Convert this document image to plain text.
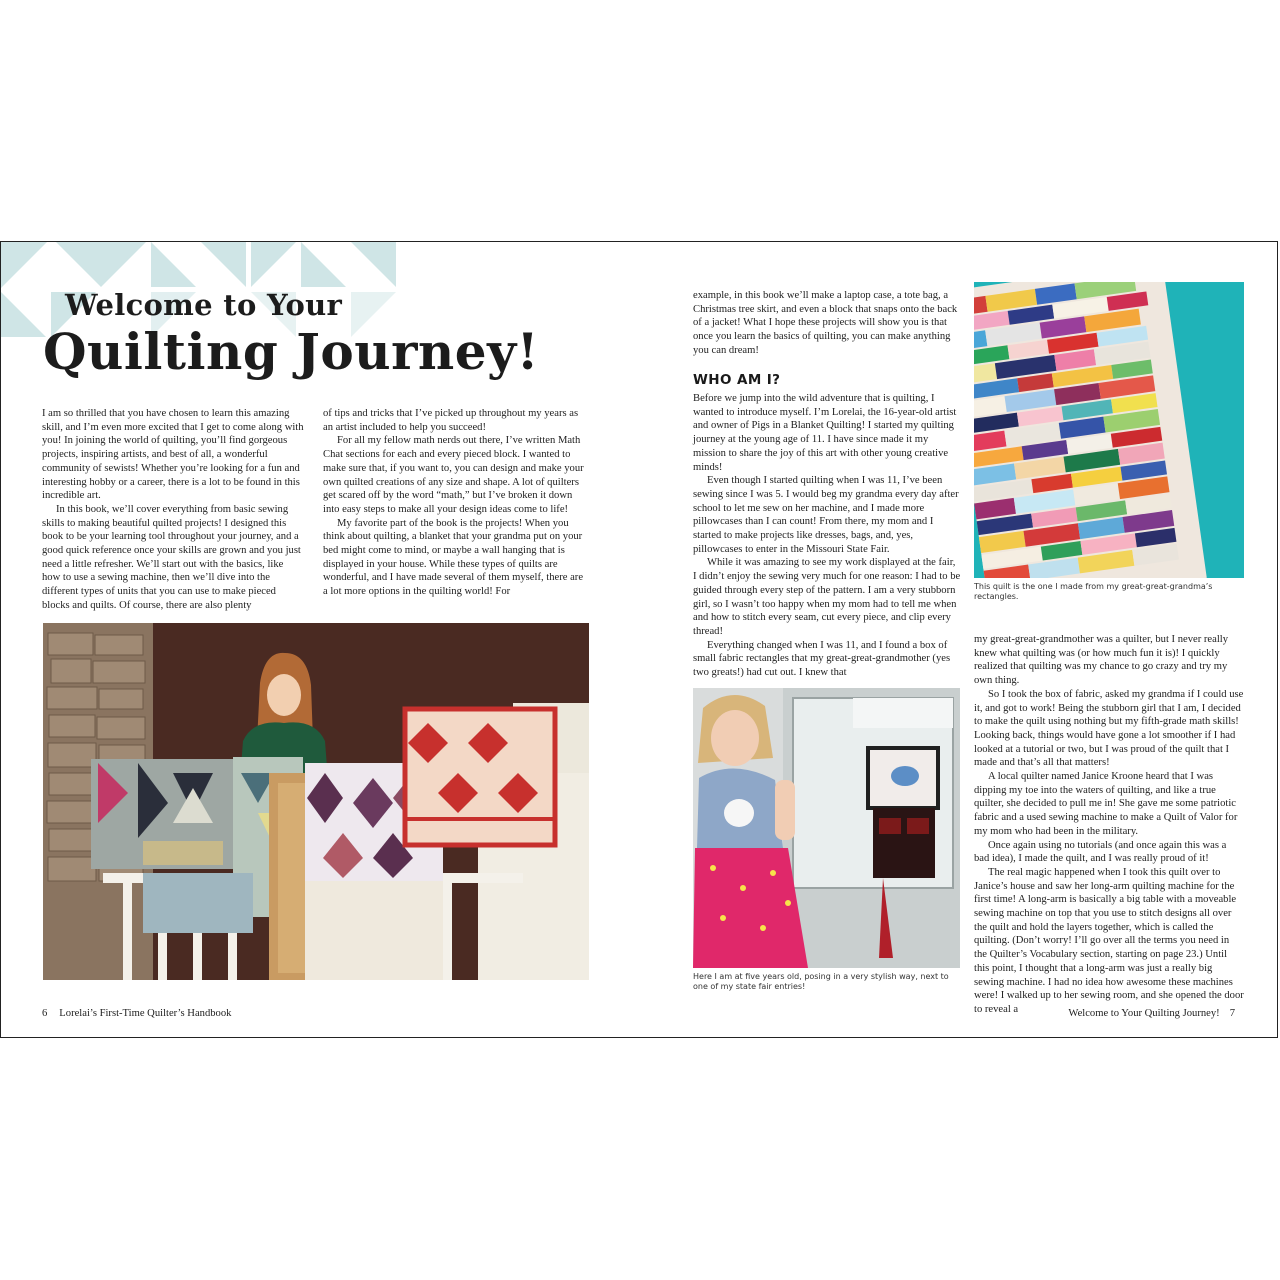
Welcome to Your
Quilting Journey!

I am so thrilled that you have chosen to learn this amazing skill, and I’m even more excited that I get to come along with you! In joining the world of quilting, you’ll find gorgeous projects, inspiring artists, and best of all, a wonderful community of sewists! Whether you’re looking for a fun and interesting hobby or a career, there is a lot to be found in this incredible art.

In this book, we’ll cover everything from basic sewing skills to making beautiful quilted projects! I designed this book to be your learning tool throughout your journey, and a good quick reference once your skills are grown and you just need a little refresher. We’ll start out with the basics, like how to use a sewing machine, then we’ll dive into the different types of units that you can use to make pieced blocks and quilts. Of course, there are also plenty

of tips and tricks that I’ve picked up throughout my years as an artist included to help you succeed!

For all my fellow math nerds out there, I’ve written Math Chat sections for each and every pieced block. I wanted to make sure that, if you want to, you can design and make your own quilted creations of any size and shape. A lot of quilters get scared off by the word “math,” but I’ve broken it down into easy steps to make all your design ideas come to life!

My favorite part of the book is the projects! When you think about quilting, a blanket that your grandma put on your bed might come to mind, or maybe a wall hanging that is displayed in your house. While these types of quilts are wonderful, and I have made several of them myself, there are a lot more options in the quilting world! For

example, in this book we’ll make a laptop case, a tote bag, a Christmas tree skirt, and even a block that snaps onto the back of a jacket! What I hope these projects will show you is that once you learn the basics of quilting, you can make anything you can dream!

WHO AM I?

Before we jump into the wild adventure that is quilting, I wanted to introduce myself. I’m Lorelai, the 16-year-old artist and owner of Pigs in a Blanket Quilting! I started my quilting journey at the young age of 11. I have since made it my mission to share the joy of this art with other young creative minds!

Even though I started quilting when I was 11, I’ve been sewing since I was 5. I would beg my grandma every day after school to let me sew on her machine, and I made more pillowcases than I can count! From there, my mom and I started to make projects like dresses, bags, and, yes, pillowcases to enter in the Missouri State Fair.

While it was amazing to see my work displayed at the fair, I didn’t enjoy the sewing very much for one reason: I had to be guided through every step of the pattern. I am a very stubborn girl, so I wasn’t too happy when my mom had to tell me when and how to stitch every seam, cut every piece, and clip every thread!

Everything changed when I was 11, and I found a box of small fabric rectangles that my great-great-grandmother (yes two greats!) had cut out. I knew that

Here I am at five years old, posing in a very stylish way, next to one of my state fair entries!
This quilt is the one I made from my great-great-grandma’s rectangles.

my great-great-grandmother was a quilter, but I never really knew what quilting was (or how much fun it is)! I quickly realized that quilting was my chance to go crazy and try my own thing.

So I took the box of fabric, asked my grandma if I could use it, and got to work! Being the stubborn girl that I am, I decided to make the quilt using nothing but my fifth-grade math skills! Looking back, things would have gone a lot smoother if I had looked at a tutorial or two, but I was proud of the quilt that I made and that’s all that matters!

A local quilter named Janice Kroone heard that I was dipping my toe into the waters of quilting, and like a true quilter, she decided to pull me in! She gave me some patriotic fabric and a used sewing machine to make a Quilt of Valor for my mom who had been in the military.

Once again using no tutorials (and once again this was a bad idea), I made the quilt, and I was really proud of it!

The real magic happened when I took this quilt over to Janice’s house and saw her long-arm quilting machine for the first time! A long-arm is basically a big table with a moveable sewing machine on top that you use to stitch designs all over the quilt and hold the layers together, which is called the quilting. (Don’t worry! I’ll go over all the terms you need in the Quilter’s Vocabulary section, starting on page 23.) Until this point, I thought that a long-arm was just a really big sewing machine. I had no idea how awesome these machines were! I walked up to her sewing room, and she opened the door to reveal a

6 Lorelai’s First-Time Quilter’s Handbook	Welcome to Your Quilting Journey! 7
